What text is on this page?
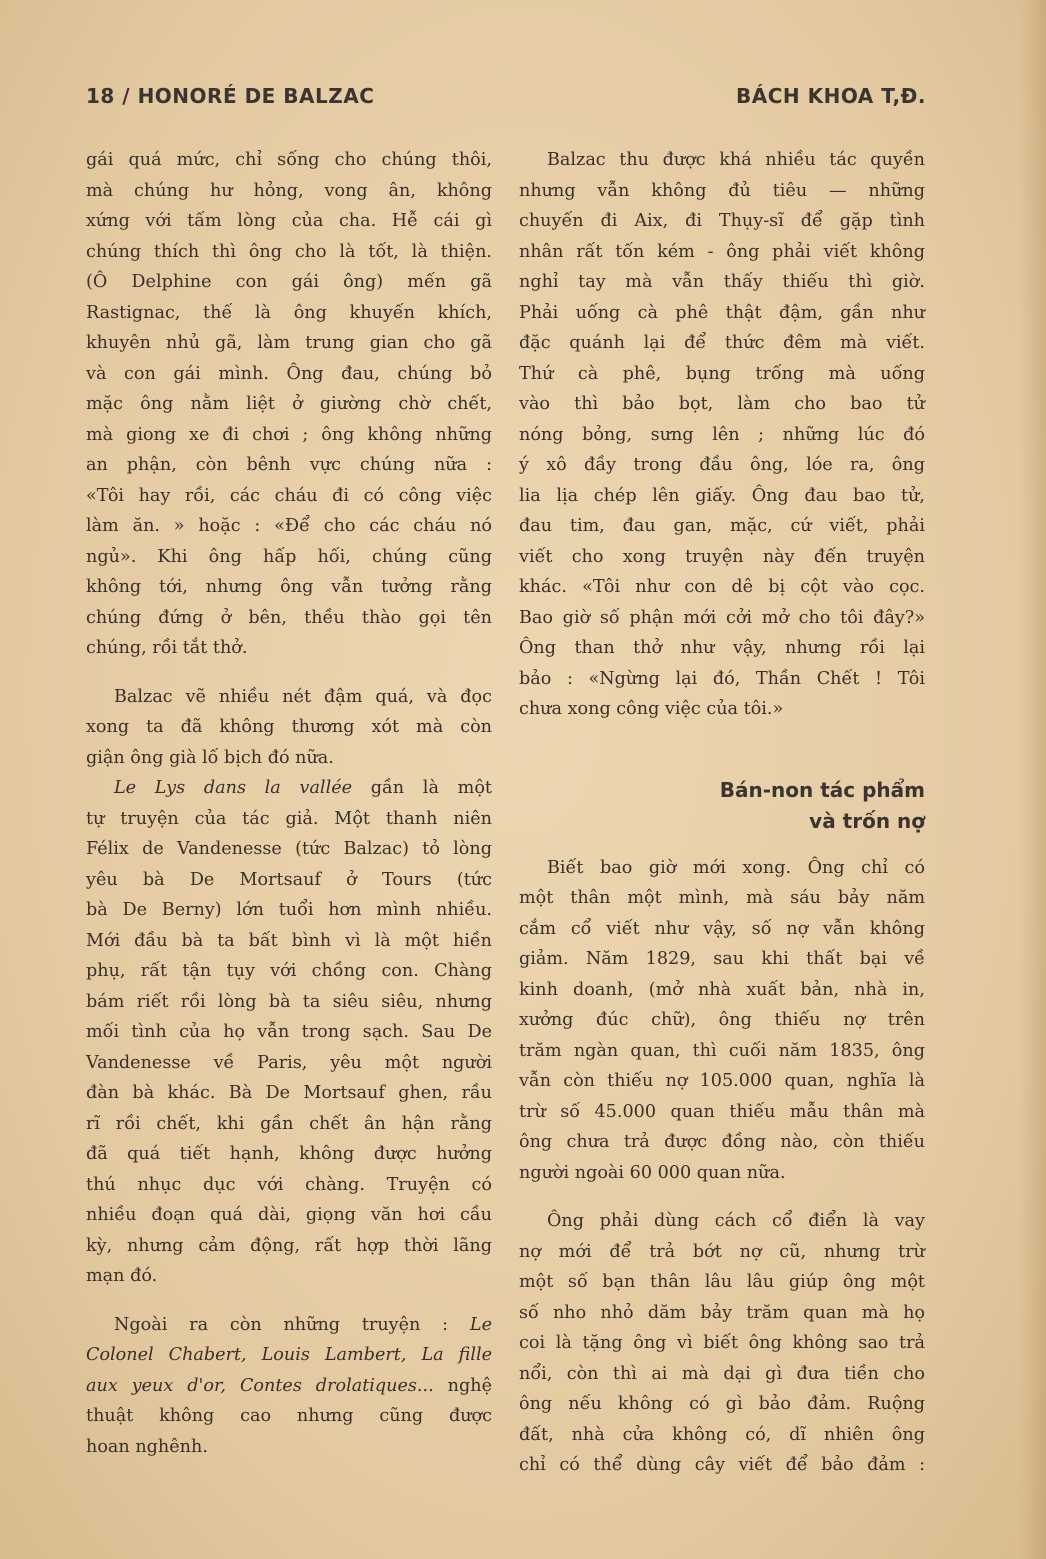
18 / HONORÉ DE BALZAC	BÁCH KHOA T,Đ.
gái quá mức, chỉ sống cho chúng thôi,
mà chúng hư hỏng, vong ân, không
xứng với tấm lòng của cha. Hễ cái gì
chúng thích thì ông cho là tốt, là thiện.
(Ô Delphine con gái ông) mến gã
Rastignac, thế là ông khuyến khích,
khuyên nhủ gã, làm trung gian cho gã
và con gái mình. Ông đau, chúng bỏ
mặc ông nằm liệt ở giường chờ chết,
mà giong xe đi chơi ; ông không những
an phận, còn bênh vực chúng nữa :
«Tôi hay rồi, các cháu đi có công việc
làm ăn. » hoặc : «Để cho các cháu nó
ngủ». Khi ông hấp hối, chúng cũng
không tới, nhưng ông vẫn tưởng rằng
chúng đứng ở bên, thều thào gọi tên
chúng, rồi tắt thở.
Balzac vẽ nhiều nét đậm quá, và đọc
xong ta đã không thương xót mà còn
giận ông già lố bịch đó nữa.
Le Lys dans la vallée gần là một
tự truyện của tác giả. Một thanh niên
Félix de Vandenesse (tức Balzac) tỏ lòng
yêu bà De Mortsauf ở Tours (tức
bà De Berny) lớn tuổi hơn mình nhiều.
Mới đầu bà ta bất bình vì là một hiền
phụ, rất tận tụy với chồng con. Chàng
bám riết rồi lòng bà ta siêu siêu, nhưng
mối tình của họ vẫn trong sạch. Sau De
Vandenesse về Paris, yêu một người
đàn bà khác. Bà De Mortsauf ghen, rầu
rĩ rồi chết, khi gần chết ân hận rằng
đã quá tiết hạnh, không được hưởng
thú nhục dục với chàng. Truyện có
nhiều đoạn quá dài, giọng văn hơi cầu
kỳ, nhưng cảm động, rất hợp thời lãng
mạn đó.
Ngoài ra còn những truyện : Le
Colonel Chabert, Louis Lambert, La fille
aux yeux d'or, Contes drolatiques... nghệ
thuật không cao nhưng cũng được
hoan nghênh.
Balzac thu được khá nhiều tác quyền
nhưng vẫn không đủ tiêu — những
chuyến đi Aix, đi Thụy-sĩ để gặp tình
nhân rất tốn kém - ông phải viết không
nghỉ tay mà vẫn thấy thiếu thì giờ.
Phải uống cà phê thật đậm, gần như
đặc quánh lại để thức đêm mà viết.
Thứ cà phê, bụng trống mà uống
vào thì bảo bọt, làm cho bao tử
nóng bỏng, sưng lên ; những lúc đó
ý xô đầy trong đầu ông, lóe ra, ông
lia lịa chép lên giấy. Ông đau bao tử,
đau tim, đau gan, mặc, cứ viết, phải
viết cho xong truyện này đến truyện
khác. «Tôi như con dê bị cột vào cọc.
Bao giờ số phận mới cởi mở cho tôi đây?»
Ông than thở như vậy, nhưng rồi lại
bảo : «Ngừng lại đó, Thần Chết ! Tôi
chưa xong công việc của tôi.»
Bán-non tác phẩm
và trốn nợ
Biết bao giờ mới xong. Ông chỉ có
một thân một mình, mà sáu bảy năm
cắm cổ viết như vậy, số nợ vẫn không
giảm. Năm 1829, sau khi thất bại về
kinh doanh, (mở nhà xuất bản, nhà in,
xưởng đúc chữ), ông thiếu nợ trên
trăm ngàn quan, thì cuối năm 1835, ông
vẫn còn thiếu nợ 105.000 quan, nghĩa là
trừ số 45.000 quan thiếu mẫu thân mà
ông chưa trả được đồng nào, còn thiếu
người ngoài 60 000 quan nữa.
Ông phải dùng cách cổ điển là vay
nợ mới để trả bớt nợ cũ, nhưng trừ
một số bạn thân lâu lâu giúp ông một
số nho nhỏ dăm bảy trăm quan mà họ
coi là tặng ông vì biết ông không sao trả
nổi, còn thì ai mà dại gì đưa tiền cho
ông nếu không có gì bảo đảm. Ruộng
đất, nhà cửa không có, dĩ nhiên ông
chỉ có thể dùng cây viết để bảo đảm :
